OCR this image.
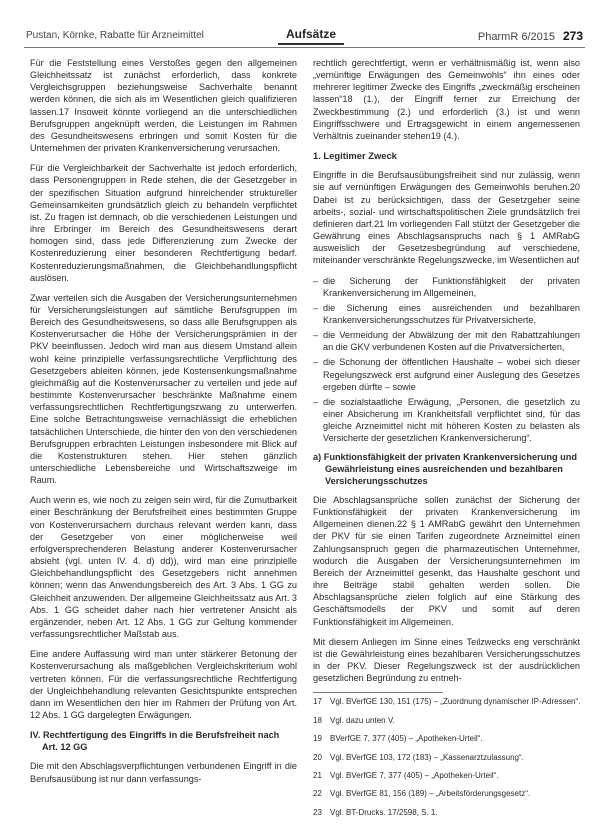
Pustan, Körnke, Rabatte für Arzneimittel	Aufsätze	PharmR 6/2015 273

Für die Feststellung eines Verstoßes gegen den allgemeinen Gleichheitssatz ist zunächst erforderlich, dass konkrete Vergleichsgruppen beziehungsweise Sachverhalte benannt werden können, die sich als im Wesentlichen gleich qualifizieren lassen.17 Insoweit könnte vorliegend an die unterschiedlichen Berufsgruppen angeknüpft werden, die Leistungen im Rahmen des Gesundheitswesens erbringen und somit Kosten für die Unternehmen der privaten Krankenversicherung verursachen.

Für die Vergleichbarkeit der Sachverhalte ist jedoch erforderlich, dass Personengruppen in Rede stehen, die der Gesetzgeber in der spezifischen Situation aufgrund hinreichender struktureller Gemeinsamkeiten grundsätzlich gleich zu behandeln verpflichtet ist. Zu fragen ist demnach, ob die verschiedenen Leistungen und ihre Erbringer im Bereich des Gesundheitswesens derart homogen sind, dass jede Differenzierung zum Zwecke der Kostenreduzierung einer besonderen Rechtfertigung bedarf. Kostenreduzierungsmaßnahmen, die Gleichbehandlungspflicht auslösen.

Zwar verteilen sich die Ausgaben der Versicherungsunternehmen für Versicherungsleistungen auf sämtliche Berufsgruppen im Bereich des Gesundheitswesens, so dass alle Berufsgruppen als Kostenverursacher die Höhe der Versicherungsprämien in der PKV beeinflussen. Jedoch wird man aus diesem Umstand allein wohl keine prinzipielle verfassungsrechtliche Verpflichtung des Gesetzgebers ableiten können, jede Kostensenkungsmaßnahme gleichmäßig auf die Kostenverursacher zu verteilen und jede auf bestimmte Kostenverursacher beschränkte Maßnahme einem verfassungsrechtlichen Rechtfertigungszwang zu unterwerfen. Eine solche Betrachtungsweise vernachlässigt die erheblichen tatsächlichen Unterschiede, die hinter den von den verschiedenen Berufsgruppen erbrachten Leistungen insbesondere mit Blick auf die Kostenstrukturen stehen. Hier stehen gänzlich unterschiedliche Lebensbereiche und Wirtschaftszweige im Raum.

Auch wenn es, wie noch zu zeigen sein wird, für die Zumutbarkeit einer Beschränkung der Berufsfreiheit eines bestimmten Gruppe von Kostenverursachern durchaus relevant werden kann, dass der Gesetzgeber von einer möglicherweise weil erfolgversprechenderen Belastung anderer Kostenverursacher absieht (vgl. unten IV. 4. d) dd)), wird man eine prinzipielle Gleichbehandlungspflicht des Gesetzgebers nicht annehmen können; wenn das Anwendungsbereich des Art. 3 Abs. 1 GG zu Gleichheit anzuwenden. Der allgemeine Gleichheitssatz aus Art. 3 Abs. 1 GG scheidet daher nach hier vertretener Ansicht als ergänzender, neben Art. 12 Abs. 1 GG zur Geltung kommender verfassungsrechtlicher Maßstab aus.

Eine andere Auffassung wird man unter stärkerer Betonung der Kostenverursachung als maßgeblichen Vergleichskriterium wohl vertreten können. Für die verfassungsrechtliche Rechtfertigung der Ungleichbehandlung relevanten Gesichtspunkte entsprechen dann im Wesentlichen den hier im Rahmen der Prüfung von Art. 12 Abs. 1 GG dargelegten Erwägungen.

IV. Rechtfertigung des Eingriffs in die Berufsfreiheit nach Art. 12 GG

Die mit den Abschlagsverpflichtungen verbundenen Eingriff in die Berufsausübung ist nur dann verfassungs-

rechtlich gerechtfertigt, wenn er verhältnismäßig ist, wenn also „vernünftige Erwägungen des Gemeinwohls“ ihn eines oder mehrerer legitimer Zwecke des Eingriffs „zweckmäßig erscheinen lassen“18 (1.), der Eingriff ferner zur Erreichung der Zweckbestimmung (2.) und erforderlich (3.) ist und wenn Eingriffsschwere und Ertragsgewicht in einem angemessenen Verhältnis zueinander stehen19 (4.).

1. Legitimer Zweck

Eingriffe in die Berufsausübungsfreiheit sind nur zulässig, wenn sie auf vernünftigen Erwägungen des Gemeinwohls beruhen.20 Dabei ist zu berücksichtigen, dass der Gesetzgeber seine arbeits-, sozial- und wirtschaftspolitischen Ziele grundsätzlich frei definieren darf.21 Im vorliegenden Fall stützt der Gesetzgeber die Gewährung eines Abschlagsanspruchs nach § 1 AMRabG ausweislich der Gesetzesbegründung auf verschiedene, miteinander verschränkte Regelungszwecke, im Wesentlichen auf

– die Sicherung der Funktionsfähigkeit der privaten Krankenversicherung im Allgemeinen,
– die Sicherung eines ausreichenden und bezahlbaren Krankenversicherungsschutzes für Privatversicherte,
– die Vermeidung der Abwälzung der mit den Rabattzahlungen an die GKV verbundenen Kosten auf die Privatversicherten,
– die Schonung der öffentlichen Haushalte – wobei sich dieser Regelungszweck erst aufgrund einer Auslegung des Gesetzes ergeben dürfte – sowie
– die sozialstaatliche Erwägung, „Personen, die gesetzlich zu einer Absicherung im Krankheitsfall verpflichtet sind, für das gleiche Arzneimittel nicht mit höheren Kosten zu belasten als Versicherte der gesetzlichen Krankenversicherung“.
a) Funktionsfähigkeit der privaten Krankenversicherung und Gewährleistung eines ausreichenden und bezahlbaren Versicherungsschutzes

Die Abschlagsansprüche sollen zunächst der Sicherung der Funktionsfähigkeit der privaten Krankenversicherung im Allgemeinen dienen.22 § 1 AMRabG gewährt den Unternehmen der PKV für sie einen Tarifen zugeordnete Arzneimittel einen Zahlungsanspruch gegen die pharmazeutischen Unternehmer, wodurch die Ausgaben der Versicherungsunternehmen im Bereich der Arzneimittel gesenkt, das Haushalte geschont und ihre Beiträge stabil gehalten werden sollen. Die Abschlagsansprüche zielen folglich auf eine Stärkung des Geschäftsmodells der PKV und somit auf deren Funktionsfähigkeit im Allgemeinen.

Mit diesem Anliegen im Sinne eines Teilzwecks eng verschränkt ist die Gewährleistung eines bezahlbaren Versicherungsschutzes in der PKV. Dieser Regelungszweck ist der ausdrücklichen gesetzlichen Begründung zu entneh-

17 Vgl. BVerfGE 130, 151 (175) – „Zuordnung dynamischer IP-Adressen“.

18 Vgl. dazu unten V.

19 BVerfGE 7, 377 (405) – „Apotheken-Urteil“.

20 Vgl. BVerfGE 103, 172 (183) – „Kassenarztzulassung“.

21 Vgl. BVerfGE 7, 377 (405) – „Apotheken-Urteil“.

22 Vgl. BVerfGE 81, 156 (189) – „Arbeitsförderungsgesetz“.

23 Vgl. BT-Drucks. 17/2598, S. 1.
